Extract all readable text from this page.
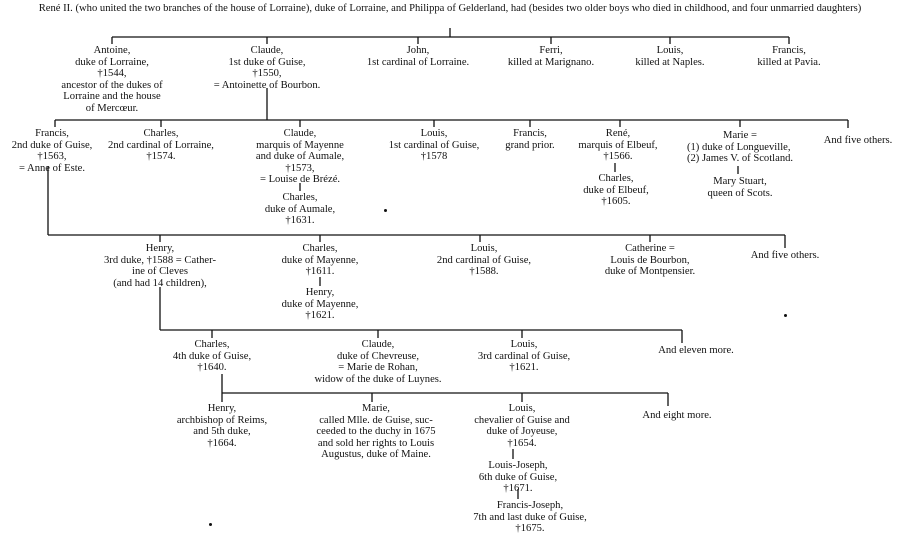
René II. (who united the two branches of the house of Lorraine), duke of Lorraine, and Philippa of Gelderland, had (besides two older boys who died in childhood, and four unmarried daughters)
Antoine,
duke of Lorraine,
†1544,
ancestor of the dukes of
Lorraine and the house
of Mercœur.
Claude,
1st duke of Guise,
†1550,
= Antoinette of Bourbon.
John,
1st cardinal of Lorraine.
Ferri,
killed at Marignano.
Louis,
killed at Naples.
Francis,
killed at Pavia.
Francis,
2nd duke of Guise,
†1563,
= Anne of Este.
Charles,
2nd cardinal of Lorraine,
†1574.
Claude,
marquis of Mayenne
and duke of Aumale,
†1573,
= Louise de Brézé.
Charles,
duke of Aumale,
†1631.
Louis,
1st cardinal of Guise,
†1578
Francis,
grand prior.
René,
marquis of Elbeuf,
†1566.
Charles,
duke of Elbeuf,
†1605.
Marie =
(1) duke of Longueville,
(2) James V. of Scotland.
Mary Stuart,
queen of Scots.
And five others.
Henry,
3rd duke, †1588 = Cather-
ine of Cleves
(and had 14 children),
Charles,
duke of Mayenne,
†1611.
Henry,
duke of Mayenne,
†1621.
Louis,
2nd cardinal of Guise,
†1588.
Catherine =
Louis de Bourbon,
duke of Montpensier.
And five others.
Charles,
4th duke of Guise,
†1640.
Claude,
duke of Chevreuse,
= Marie de Rohan,
widow of the duke of Luynes.
Louis,
3rd cardinal of Guise,
†1621.
And eleven more.
Henry,
archbishop of Reims,
and 5th duke,
†1664.
Marie,
called Mlle. de Guise, suc-
ceeded to the duchy in 1675
and sold her rights to Louis
Augustus, duke of Maine.
Louis,
chevalier of Guise and
duke of Joyeuse,
†1654.
Louis-Joseph,
6th duke of Guise,
†1671.
Francis-Joseph,
7th and last duke of Guise,
†1675.
And eight more.
